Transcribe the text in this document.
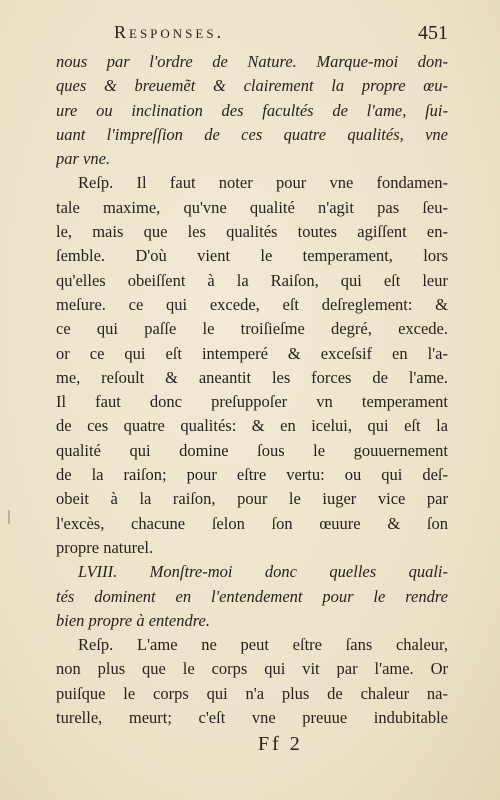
Responses.	451
nous par l'ordre de Nature. Marque-moi don-
ques & breuemẽt & clairement la propre œu-
ure ou inclination des facultés de l'ame, ſui-
uant l'impreſſion de ces quatre qualités, vne
par vne.
Reſp. Il faut noter pour vne fondamen-
tale maxime, qu'vne qualité n'agit pas ſeu-
le, mais que les qualités toutes agiſſent en-
ſemble. D'où vient le temperament, lors
qu'elles obeiſſent à la Raiſon, qui eſt leur
meſure. ce qui excede, eſt deſreglement: &
ce qui paſſe le troiſieſme degré, excede.
or ce qui eſt intemperé & exceſsif en l'a-
me, reſoult & aneantit les forces de l'ame.
Il faut donc preſuppoſer vn temperament
de ces quatre qualités: & en icelui, qui eſt la
qualité qui domine ſous le gouuernement
de la raiſon; pour eſtre vertu: ou qui deſ-
obeit à la raiſon, pour le iuger vice par
l'excès, chacune ſelon ſon œuure & ſon
propre naturel.
LVIII. Monſtre-moi donc quelles quali-
tés dominent en l'entendement pour le rendre
bien propre à entendre.
Reſp. L'ame ne peut eſtre ſans chaleur,
non plus que le corps qui vit par l'ame. Or
puiſque le corps qui n'a plus de chaleur na-
turelle, meurt; c'eſt vne preuue indubitable
Ff 2
